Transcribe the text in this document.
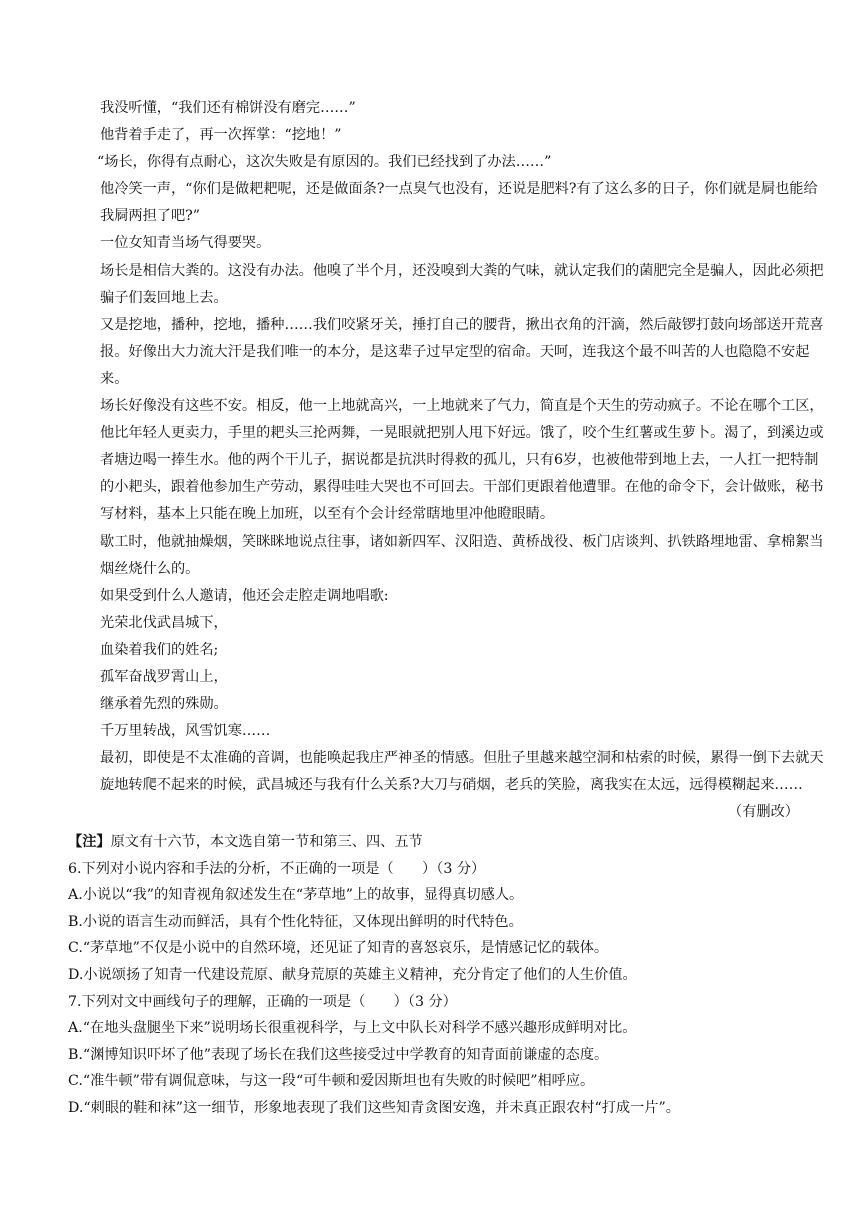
我没听懂，“我们还有棉饼没有磨完……”

他背着手走了，再一次挥掌：“挖地！”

“场长，你得有点耐心，这次失败是有原因的。我们已经找到了办法……”

他冷笑一声，“你们是做耙耙呢，还是做面条?一点臭气也没有，还说是肥料?有了这么多的日子，你们就是屙也能给我屙两担了吧?”

一位女知青当场气得要哭。

场长是相信大粪的。这没有办法。他嗅了半个月，还没嗅到大粪的气味，就认定我们的菌肥完全是骗人，因此必须把骗子们轰回地上去。

又是挖地，播种，挖地，播种……我们咬紧牙关，捶打自己的腰背，揪出衣角的汗滴，然后敲锣打鼓向场部送开荒喜报。好像出大力流大汗是我们唯一的本分，是这辈子过早定型的宿命。天呵，连我这个最不叫苦的人也隐隐不安起来。

场长好像没有这些不安。相反，他一上地就高兴，一上地就来了气力，简直是个天生的劳动疯子。不论在哪个工区，他比年轻人更卖力，手里的耙头三抡两舞，一晃眼就把别人甩下好远。饿了，咬个生红薯或生萝卜。渴了，到溪边或者塘边喝一捧生水。他的两个干儿子，据说都是抗洪时得救的孤儿，只有6岁，也被他带到地上去，一人扛一把特制的小耙头，跟着他参加生产劳动，累得哇哇大哭也不可回去。干部们更跟着他遭罪。在他的命令下，会计做账，秘书写材料，基本上只能在晚上加班，以至有个会计经常瞎地里冲他瞪眼睛。

歇工时，他就抽燥烟，笑眯眯地说点往事，诸如新四军、汉阳造、黄桥战役、板门店谈判、扒铁路埋地雷、拿棉絮当烟丝烧什么的。

如果受到什么人邀请，他还会走腔走调地唱歌:

光荣北伐武昌城下，

血染着我们的姓名;

孤军奋战罗霄山上，

继承着先烈的殊勋。

千万里转战，风雪饥寒……

最初，即使是不太准确的音调，也能唤起我庄严神圣的情感。但肚子里越来越空洞和枯索的时候，累得一倒下去就天旋地转爬不起来的时候，武昌城还与我有什么关系?大刀与硝烟，老兵的笑脸，离我实在太远，远得模糊起来……
（有删改）

【注】原文有十六节，本文选自第一节和第三、四、五节

6.下列对小说内容和手法的分析，不正确的一项是（　　）（3 分）

A.小说以“我”的知青视角叙述发生在“茅草地”上的故事，显得真切感人。

B.小说的语言生动而鲜活，具有个性化特征，又体现出鲜明的时代特色。

C.“茅草地”不仅是小说中的自然环境，还见证了知青的喜怒哀乐，是情感记忆的载体。

D.小说颂扬了知青一代建设荒原、献身荒原的英雄主义精神，充分肯定了他们的人生价值。

7.下列对文中画线句子的理解，正确的一项是（　　）（3 分）

A.“在地头盘腿坐下来”说明场长很重视科学，与上文中队长对科学不感兴趣形成鲜明对比。

B.“渊博知识吓坏了他”表现了场长在我们这些接受过中学教育的知青面前谦虚的态度。

C.“准牛顿”带有调侃意味，与这一段“可牛顿和爱因斯坦也有失败的时候吧”相呼应。

D.“刺眼的鞋和袜”这一细节，形象地表现了我们这些知青贪图安逸，并未真正跟农村“打成一片”。
